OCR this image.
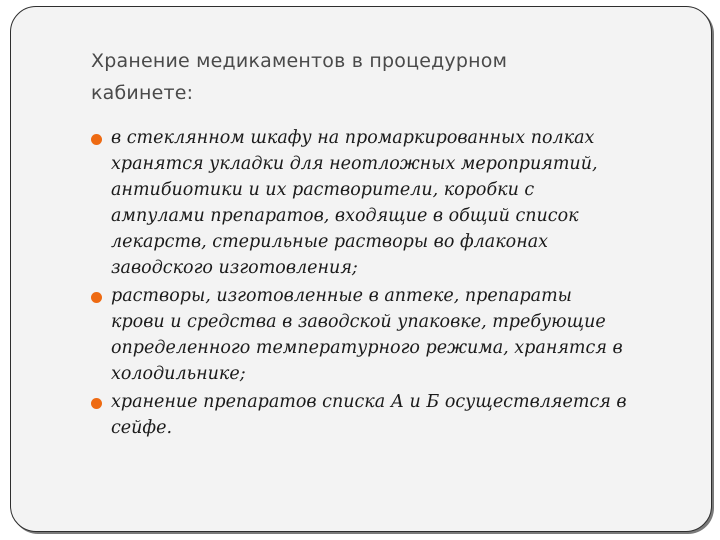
Хранение медикаментов в процедурном
кабинете:
в стеклянном шкафу на промаркированных полках
хранятся укладки для неотложных мероприятий,
антибиотики и их растворители, коробки с
ампулами препаратов, входящие в общий список
лекарств, стерильные растворы во флаконах
заводского изготовления;
растворы, изготовленные в аптеке, препараты
крови и средства в заводской упаковке, требующие
определенного температурного режима, хранятся в
холодильнике;
хранение препаратов списка А и Б осуществляется в
сейфе.
